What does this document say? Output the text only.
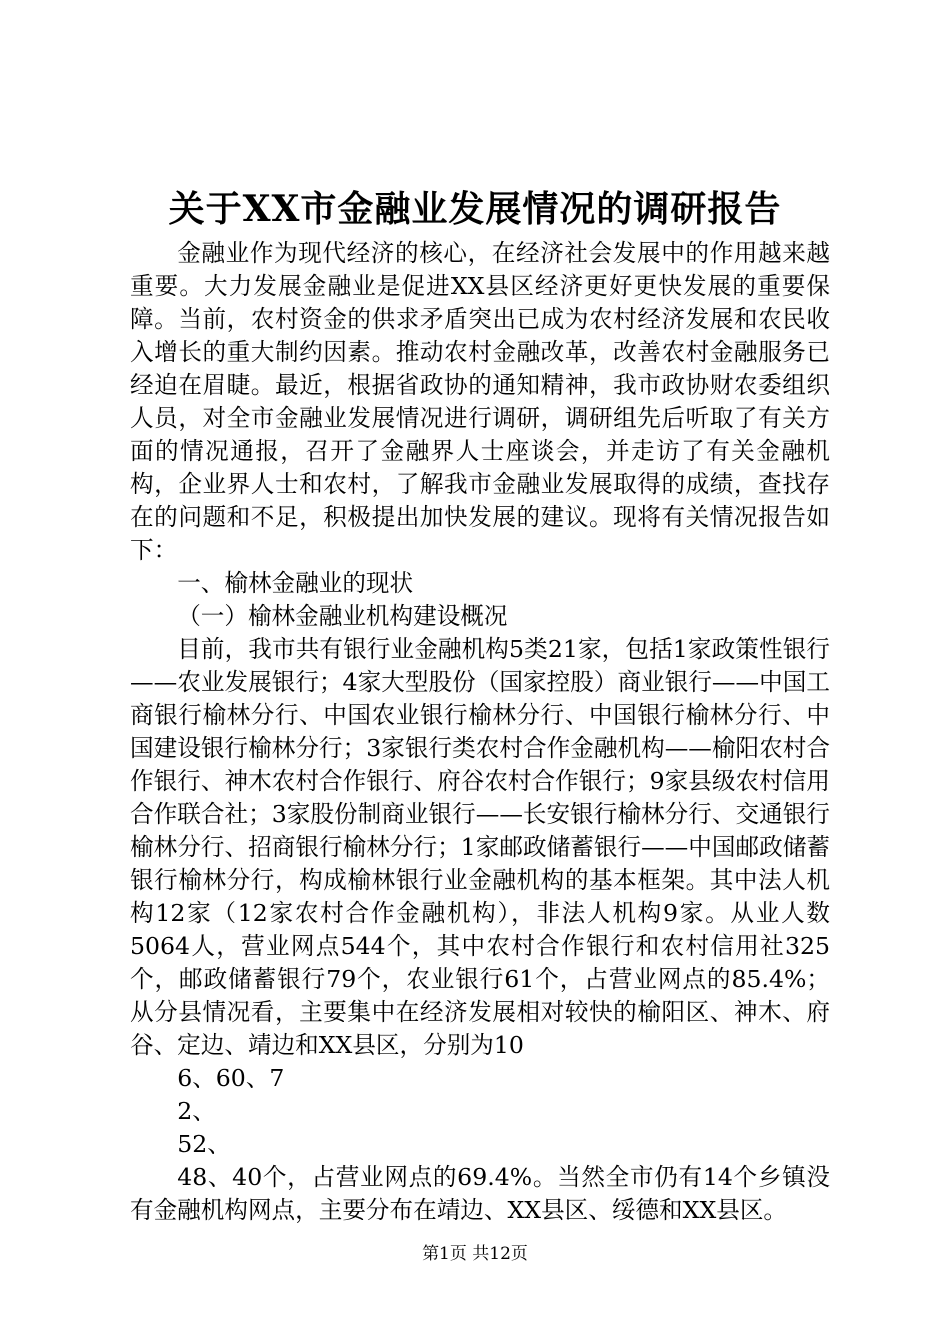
关于XX市金融业发展情况的调研报告

金融业作为现代经济的核心，在经济社会发展中的作用越来越重要。大力发展金融业是促进XX县区经济更好更快发展的重要保障。当前，农村资金的供求矛盾突出已成为农村经济发展和农民收入增长的重大制约因素。推动农村金融改革，改善农村金融服务已经迫在眉睫。最近，根据省政协的通知精神，我市政协财农委组织人员，对全市金融业发展情况进行调研，调研组先后听取了有关方面的情况通报，召开了金融界人士座谈会，并走访了有关金融机构，企业界人士和农村，了解我市金融业发展取得的成绩，查找存在的问题和不足，积极提出加快发展的建议。现将有关情况报告如下：

一、榆林金融业的现状

（一）榆林金融业机构建设概况

目前，我市共有银行业金融机构5类21家，包括1家政策性银行——农业发展银行；4家大型股份（国家控股）商业银行——中国工商银行榆林分行、中国农业银行榆林分行、中国银行榆林分行、中国建设银行榆林分行；3家银行类农村合作金融机构——榆阳农村合作银行、神木农村合作银行、府谷农村合作银行；9家县级农村信用合作联合社；3家股份制商业银行——长安银行榆林分行、交通银行榆林分行、招商银行榆林分行；1家邮政储蓄银行——中国邮政储蓄银行榆林分行，构成榆林银行业金融机构的基本框架。其中法人机构12家（12家农村合作金融机构），非法人机构9家。从业人数5064人，营业网点544个，其中农村合作银行和农村信用社325个，邮政储蓄银行79个，农业银行61个，占营业网点的85.4%；从分县情况看，主要集中在经济发展相对较快的榆阳区、神木、府谷、定边、靖边和XX县区，分别为10

6、60、7

2、

52、

48、40个，占营业网点的69.4%。当然全市仍有14个乡镇没有金融机构网点，主要分布在靖边、XX县区、绥德和XX县区。

第1页 共12页
